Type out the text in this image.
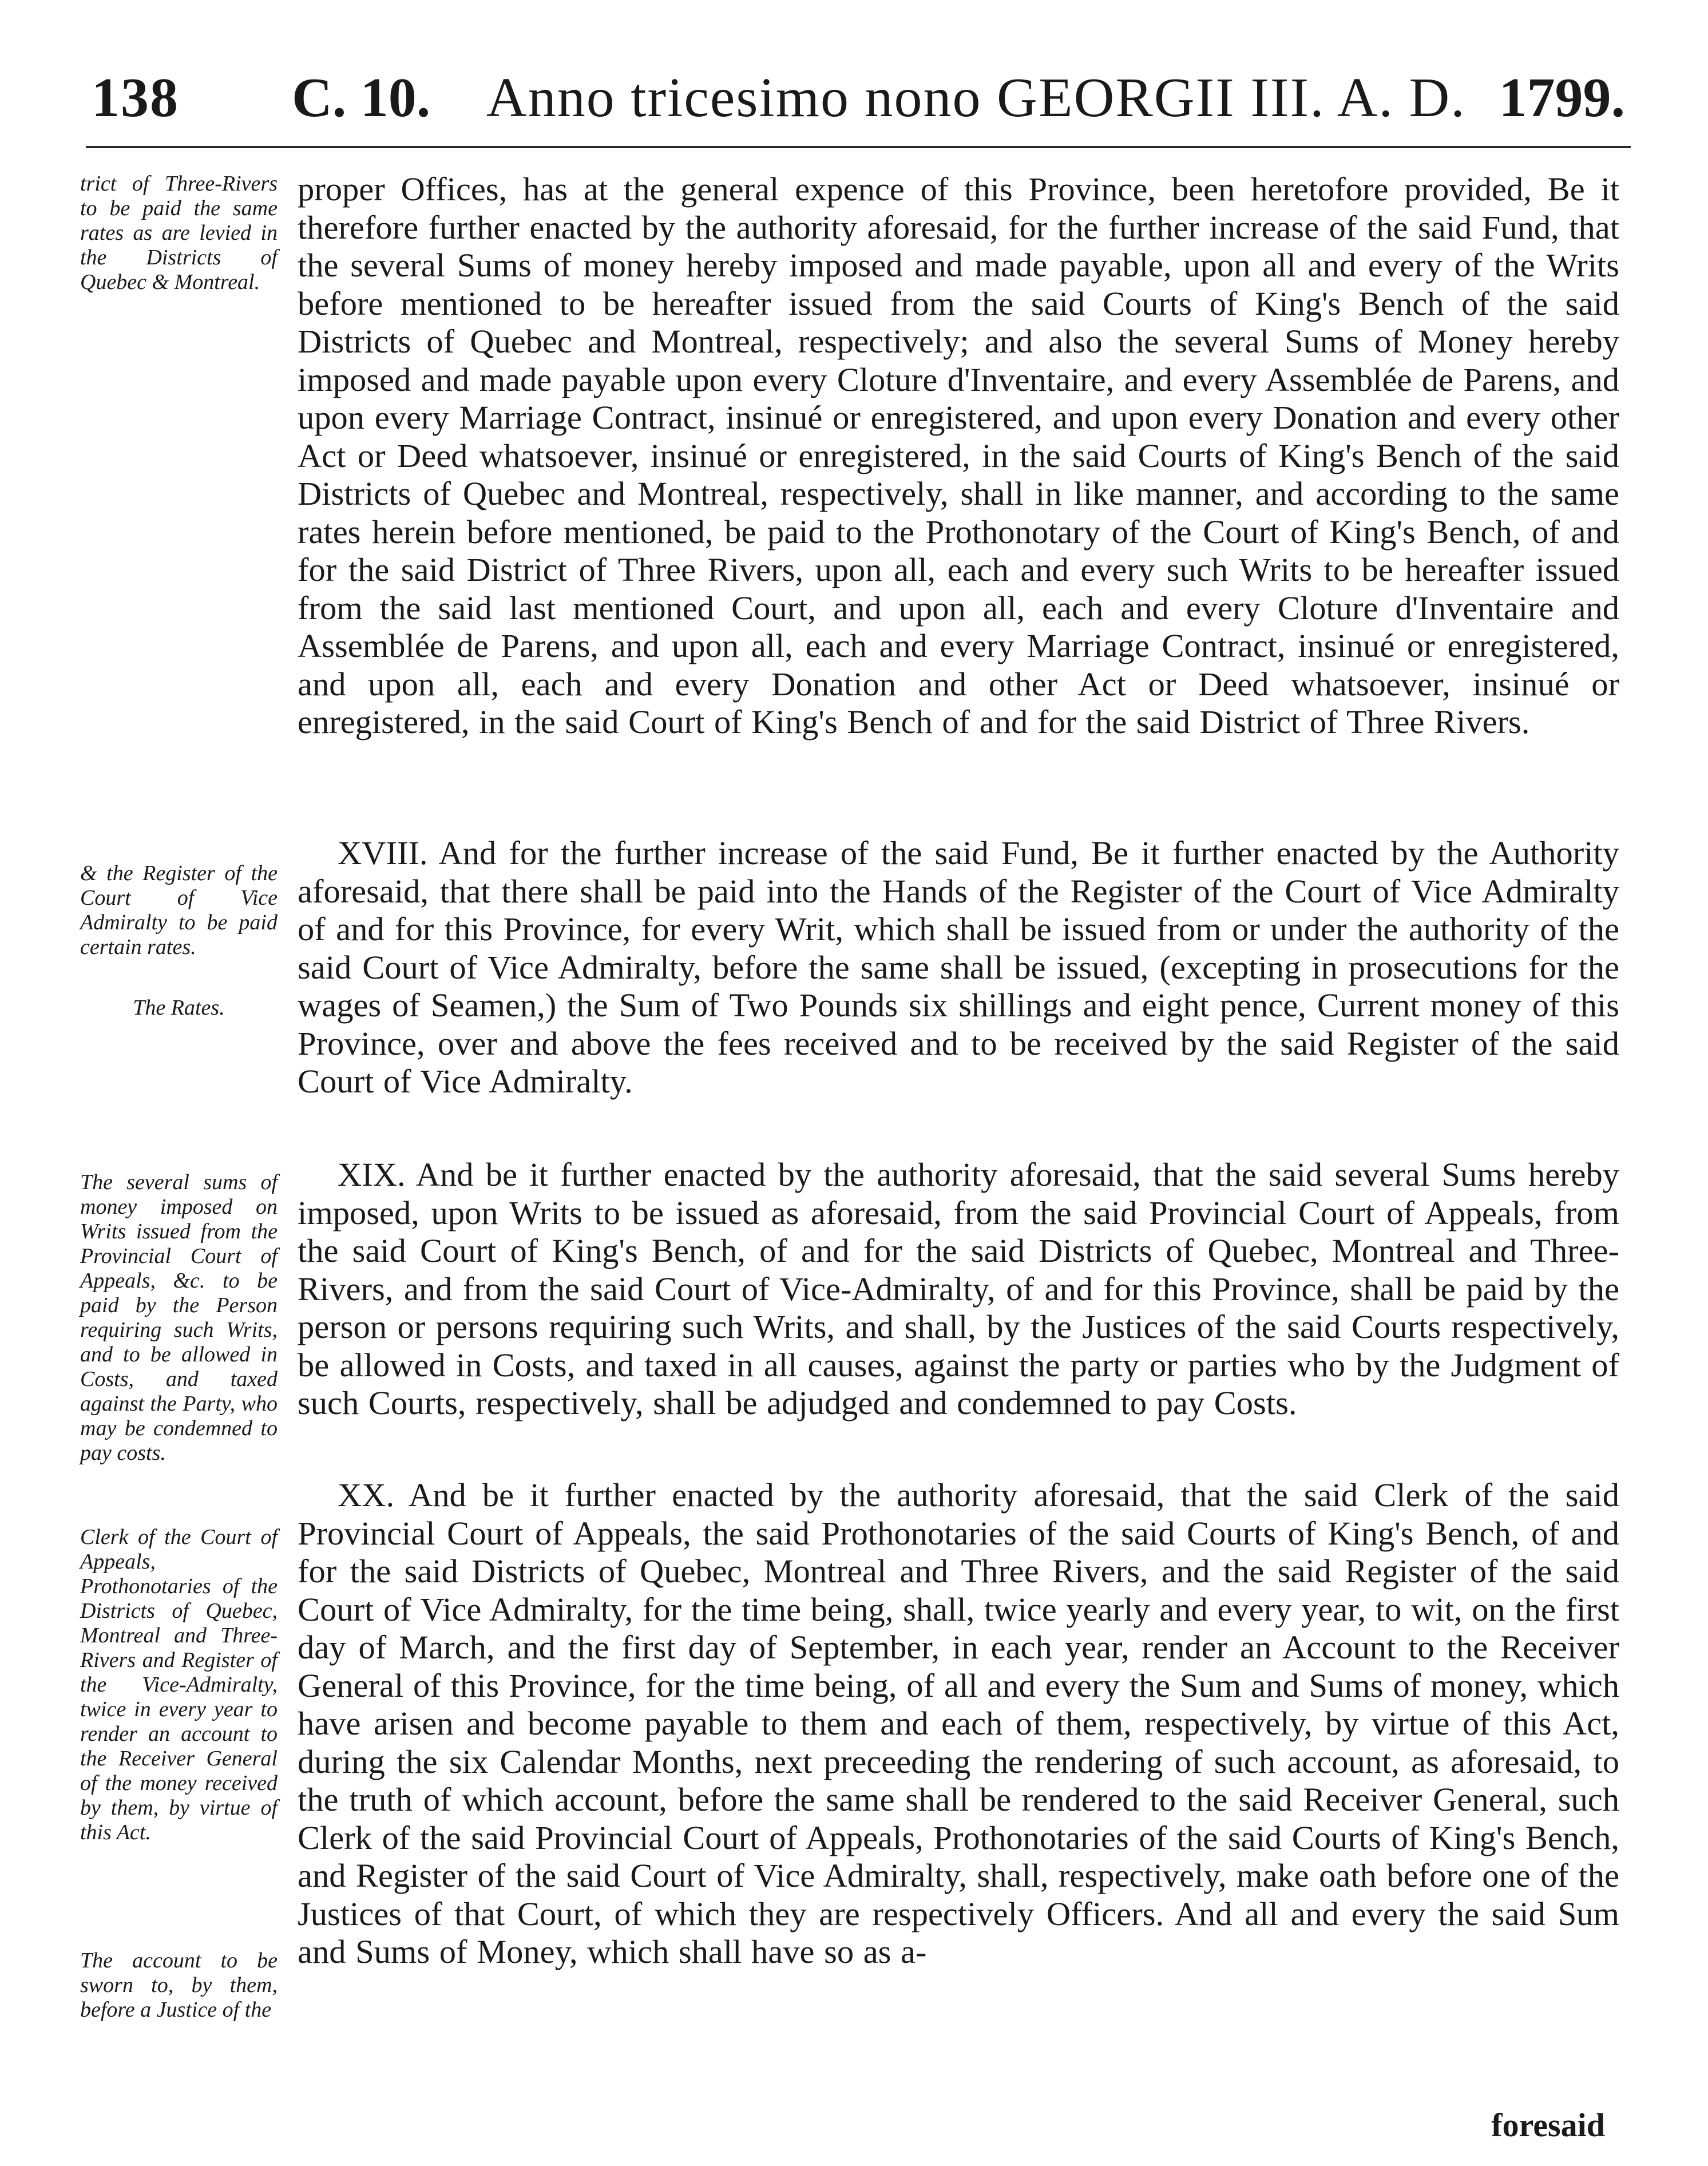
138 C. 10. Anno tricesimo nono GEORGII III. A. D. 1799.
trict of Three-Rivers to be paid the same rates as are levied in the Districts of Quebec & Montreal.
& the Register of the Court of Vice Admiralty to be paid certain rates.
The Rates.
The several sums of money imposed on Writs issued from the Provincial Court of Appeals, &c. to be paid by the Person requiring such Writs, and to be allowed in Costs, and taxed against the Party, who may be condemned to pay costs.
Clerk of the Court of Appeals, Prothonotaries of the Districts of Quebec, Montreal and Three-Rivers and Register of the Vice-Admiralty, twice in every year to render an account to the Receiver General of the money received by them, by virtue of this Act.
The account to be sworn to, by them, before a Justice of the
proper Offices, has at the general expence of this Province, been heretofore provided, Be it therefore further enacted by the authority aforesaid, for the further increase of the said Fund, that the several Sums of money hereby imposed and made payable, upon all and every of the Writs before mentioned to be hereafter issued from the said Courts of King's Bench of the said Districts of Quebec and Montreal, respectively; and also the several Sums of Money hereby imposed and made payable upon every Cloture d'Inventaire, and every Assemblée de Parens, and upon every Marriage Contract, insinué or enregistered, and upon every Donation and every other Act or Deed whatsoever, insinué or enregistered, in the said Courts of King's Bench of the said Districts of Quebec and Montreal, respectively, shall in like manner, and according to the same rates herein before mentioned, be paid to the Prothonotary of the Court of King's Bench, of and for the said District of Three Rivers, upon all, each and every such Writs to be hereafter issued from the said last mentioned Court, and upon all, each and every Cloture d'Inventaire and Assemblée de Parens, and upon all, each and every Marriage Contract, insinué or enregistered, and upon all, each and every Donation and other Act or Deed whatsoever, insinué or enregistered, in the said Court of King's Bench of and for the said District of Three Rivers.
XVIII. And for the further increase of the said Fund, Be it further enacted by the Authority aforesaid, that there shall be paid into the Hands of the Register of the Court of Vice Admiralty of and for this Province, for every Writ, which shall be issued from or under the authority of the said Court of Vice Admiralty, before the same shall be issued, (excepting in prosecutions for the wages of Seamen,) the Sum of Two Pounds six shillings and eight pence, Current money of this Province, over and above the fees received and to be received by the said Register of the said Court of Vice Admiralty.
XIX. And be it further enacted by the authority aforesaid, that the said several Sums hereby imposed, upon Writs to be issued as aforesaid, from the said Provincial Court of Appeals, from the said Court of King's Bench, of and for the said Districts of Quebec, Montreal and Three-Rivers, and from the said Court of Vice-Admiralty, of and for this Province, shall be paid by the person or persons requiring such Writs, and shall, by the Justices of the said Courts respectively, be allowed in Costs, and taxed in all causes, against the party or parties who by the Judgment of such Courts, respectively, shall be adjudged and condemned to pay Costs.
XX. And be it further enacted by the authority aforesaid, that the said Clerk of the said Provincial Court of Appeals, the said Prothonotaries of the said Courts of King's Bench, of and for the said Districts of Quebec, Montreal and Three Rivers, and the said Register of the said Court of Vice Admiralty, for the time being, shall, twice yearly and every year, to wit, on the first day of March, and the first day of September, in each year, render an Account to the Receiver General of this Province, for the time being, of all and every the Sum and Sums of money, which have arisen and become payable to them and each of them, respectively, by virtue of this Act, during the six Calendar Months, next preceeding the rendering of such account, as aforesaid, to the truth of which account, before the same shall be rendered to the said Receiver General, such Clerk of the said Provincial Court of Appeals, Prothonotaries of the said Courts of King's Bench, and Register of the said Court of Vice Admiralty, shall, respectively, make oath before one of the Justices of that Court, of which they are respectively Officers. And all and every the said Sum and Sums of Money, which shall have so as a-
foresaid
